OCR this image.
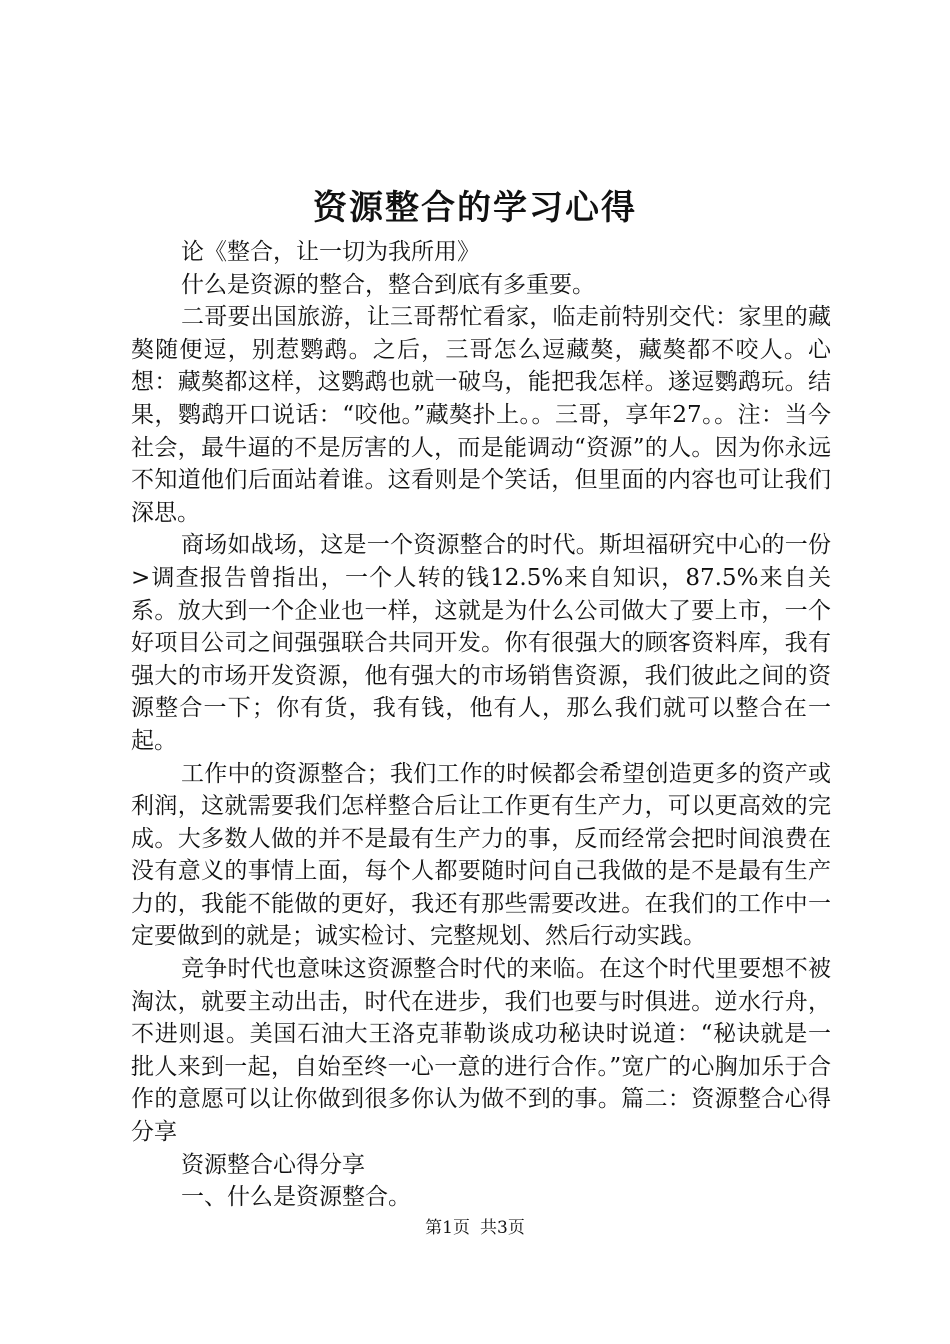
资源整合的学习心得

论《整合，让一切为我所用》

什么是资源的整合，整合到底有多重要。

二哥要出国旅游，让三哥帮忙看家，临走前特别交代：家里的藏獒随便逗，别惹鹦鹉。之后，三哥怎么逗藏獒，藏獒都不咬人。心想：藏獒都这样，这鹦鹉也就一破鸟，能把我怎样。遂逗鹦鹉玩。结果，鹦鹉开口说话：“咬他。”藏獒扑上。。三哥，享年27。。注：当今社会，最牛逼的不是厉害的人，而是能调动“资源”的人。因为你永远不知道他们后面站着谁。这看则是个笑话，但里面的内容也可让我们深思。

商场如战场，这是一个资源整合的时代。斯坦福研究中心的一份>调查报告曾指出，一个人转的钱12.5%来自知识，87.5%来自关系。放大到一个企业也一样，这就是为什么公司做大了要上市，一个好项目公司之间强强联合共同开发。你有很强大的顾客资料库，我有强大的市场开发资源，他有强大的市场销售资源，我们彼此之间的资源整合一下；你有货，我有钱，他有人，那么我们就可以整合在一起。

工作中的资源整合；我们工作的时候都会希望创造更多的资产或利润，这就需要我们怎样整合后让工作更有生产力，可以更高效的完成。大多数人做的并不是最有生产力的事，反而经常会把时间浪费在没有意义的事情上面，每个人都要随时问自己我做的是不是最有生产力的，我能不能做的更好，我还有那些需要改进。在我们的工作中一定要做到的就是；诚实检讨、完整规划、然后行动实践。

竞争时代也意味这资源整合时代的来临。在这个时代里要想不被淘汰，就要主动出击，时代在进步，我们也要与时俱进。逆水行舟，不进则退。美国石油大王洛克菲勒谈成功秘诀时说道：“秘诀就是一批人来到一起，自始至终一心一意的进行合作。”宽广的心胸加乐于合作的意愿可以让你做到很多你认为做不到的事。篇二：资源整合心得分享

资源整合心得分享

一、什么是资源整合。

第1页 共3页
